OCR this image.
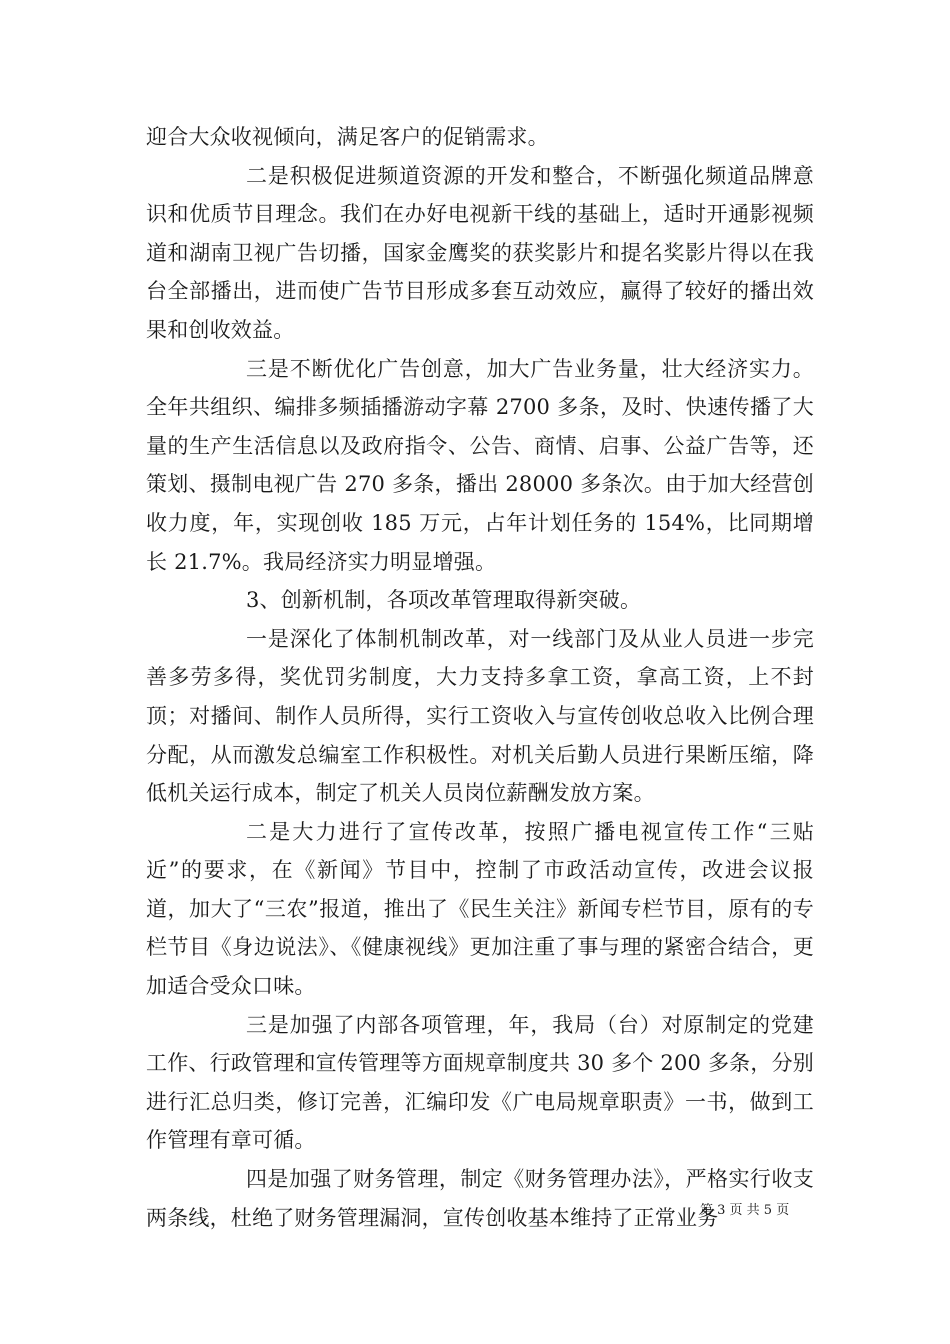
迎合大众收视倾向，满足客户的促销需求。

二是积极促进频道资源的开发和整合，不断强化频道品牌意识和优质节目理念。我们在办好电视新干线的基础上，适时开通影视频道和湖南卫视广告切播，国家金鹰奖的获奖影片和提名奖影片得以在我台全部播出，进而使广告节目形成多套互动效应，赢得了较好的播出效果和创收效益。

三是不断优化广告创意，加大广告业务量，壮大经济实力。全年共组织、编排多频插播游动字幕 2700 多条，及时、快速传播了大量的生产生活信息以及政府指令、公告、商情、启事、公益广告等，还策划、摄制电视广告 270 多条，播出 28000 多条次。由于加大经营创收力度，年，实现创收 185 万元，占年计划任务的 154%，比同期增长 21.7%。我局经济实力明显增强。

3、创新机制，各项改革管理取得新突破。

一是深化了体制机制改革，对一线部门及从业人员进一步完善多劳多得，奖优罚劣制度，大力支持多拿工资，拿高工资，上不封顶；对播间、制作人员所得，实行工资收入与宣传创收总收入比例合理分配，从而激发总编室工作积极性。对机关后勤人员进行果断压缩，降低机关运行成本，制定了机关人员岗位薪酬发放方案。

二是大力进行了宣传改革，按照广播电视宣传工作“三贴近”的要求，在《新闻》节目中，控制了市政活动宣传，改进会议报道，加大了“三农”报道，推出了《民生关注》新闻专栏节目，原有的专栏节目《身边说法》、《健康视线》更加注重了事与理的紧密合结合，更加适合受众口味。

三是加强了内部各项管理，年，我局（台）对原制定的党建工作、行政管理和宣传管理等方面规章制度共 30 多个 200 多条，分别进行汇总归类，修订完善，汇编印发《广电局规章职责》一书，做到工作管理有章可循。

四是加强了财务管理，制定《财务管理办法》，严格实行收支两条线，杜绝了财务管理漏洞，宣传创收基本维持了正常业务

第 3 页 共 5 页
